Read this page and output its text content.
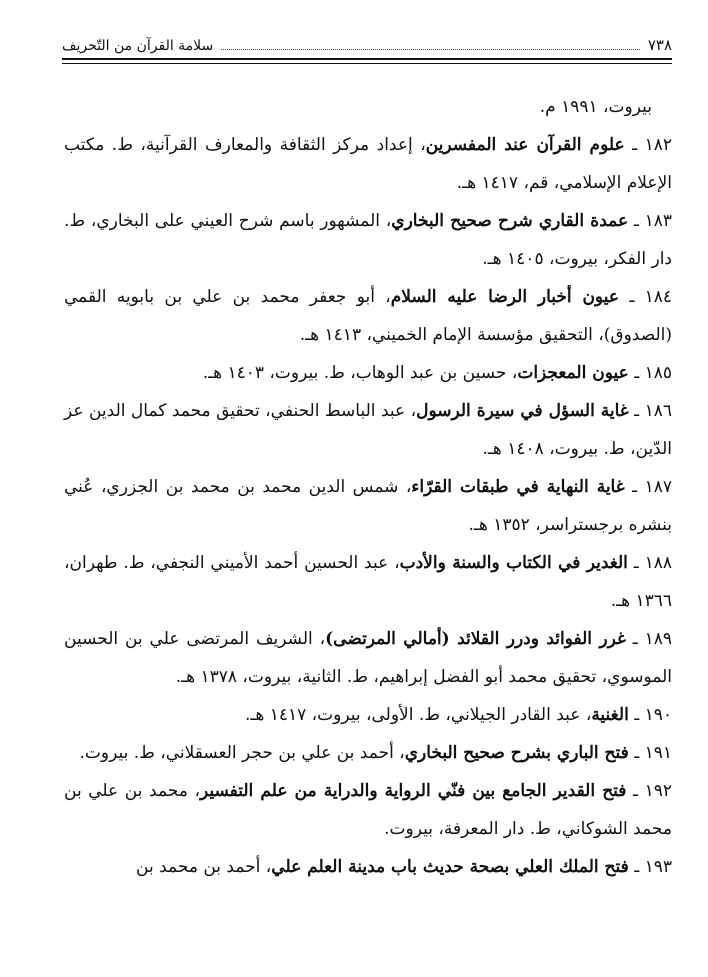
٧٣٨
سلامة القرآن من التّحريف

بيروت، ١٩٩١ م.

١٨٢ ـ علوم القرآن عند المفسرين، إعداد مركز الثقافة والمعارف القرآنية، ط. مكتب الإعلام الإسلامي، قم، ١٤١٧ هـ.

١٨٣ ـ عمدة القاري شرح صحيح البخاري، المشهور باسم شرح العيني على البخاري، ط. دار الفكر، بيروت، ١٤٠٥ هـ.

١٨٤ ـ عيون أخبار الرضا عليه السلام، أبو جعفر محمد بن علي بن بابويه القمي (الصدوق)، التحقيق مؤسسة الإمام الخميني، ١٤١٣ هـ.

١٨٥ ـ عيون المعجزات، حسين بن عبد الوهاب، ط. بيروت، ١٤٠٣ هـ.

١٨٦ ـ غاية السؤل في سيرة الرسول، عبد الباسط الحنفي، تحقيق محمد كمال الدين عز الدّين، ط. بيروت، ١٤٠٨ هـ.

١٨٧ ـ غاية النهاية في طبقات القرّاء، شمس الدين محمد بن محمد بن الجزري، عُني بنشره برجستراسر، ١٣٥٢ هـ.

١٨٨ ـ الغدير في الكتاب والسنة والأدب، عبد الحسين أحمد الأميني النجفي، ط. طهران، ١٣٦٦ هـ.

١٨٩ ـ غرر الفوائد ودرر القلائد (أمالي المرتضى)، الشريف المرتضى علي بن الحسين الموسوي، تحقيق محمد أبو الفضل إبراهيم، ط. الثانية، بيروت، ١٣٧٨ هـ.

١٩٠ ـ الغنية، عبد القادر الجيلاني، ط. الأولى، بيروت، ١٤١٧ هـ.

١٩١ ـ فتح الباري بشرح صحيح البخاري، أحمد بن علي بن حجر العسقلاني، ط. بيروت.

١٩٢ ـ فتح القدير الجامع بين فنّي الرواية والدراية من علم التفسير، محمد بن علي بن محمد الشوكاني، ط. دار المعرفة، بيروت.

١٩٣ ـ فتح الملك العلي بصحة حديث باب مدينة العلم علي، أحمد بن محمد بن
